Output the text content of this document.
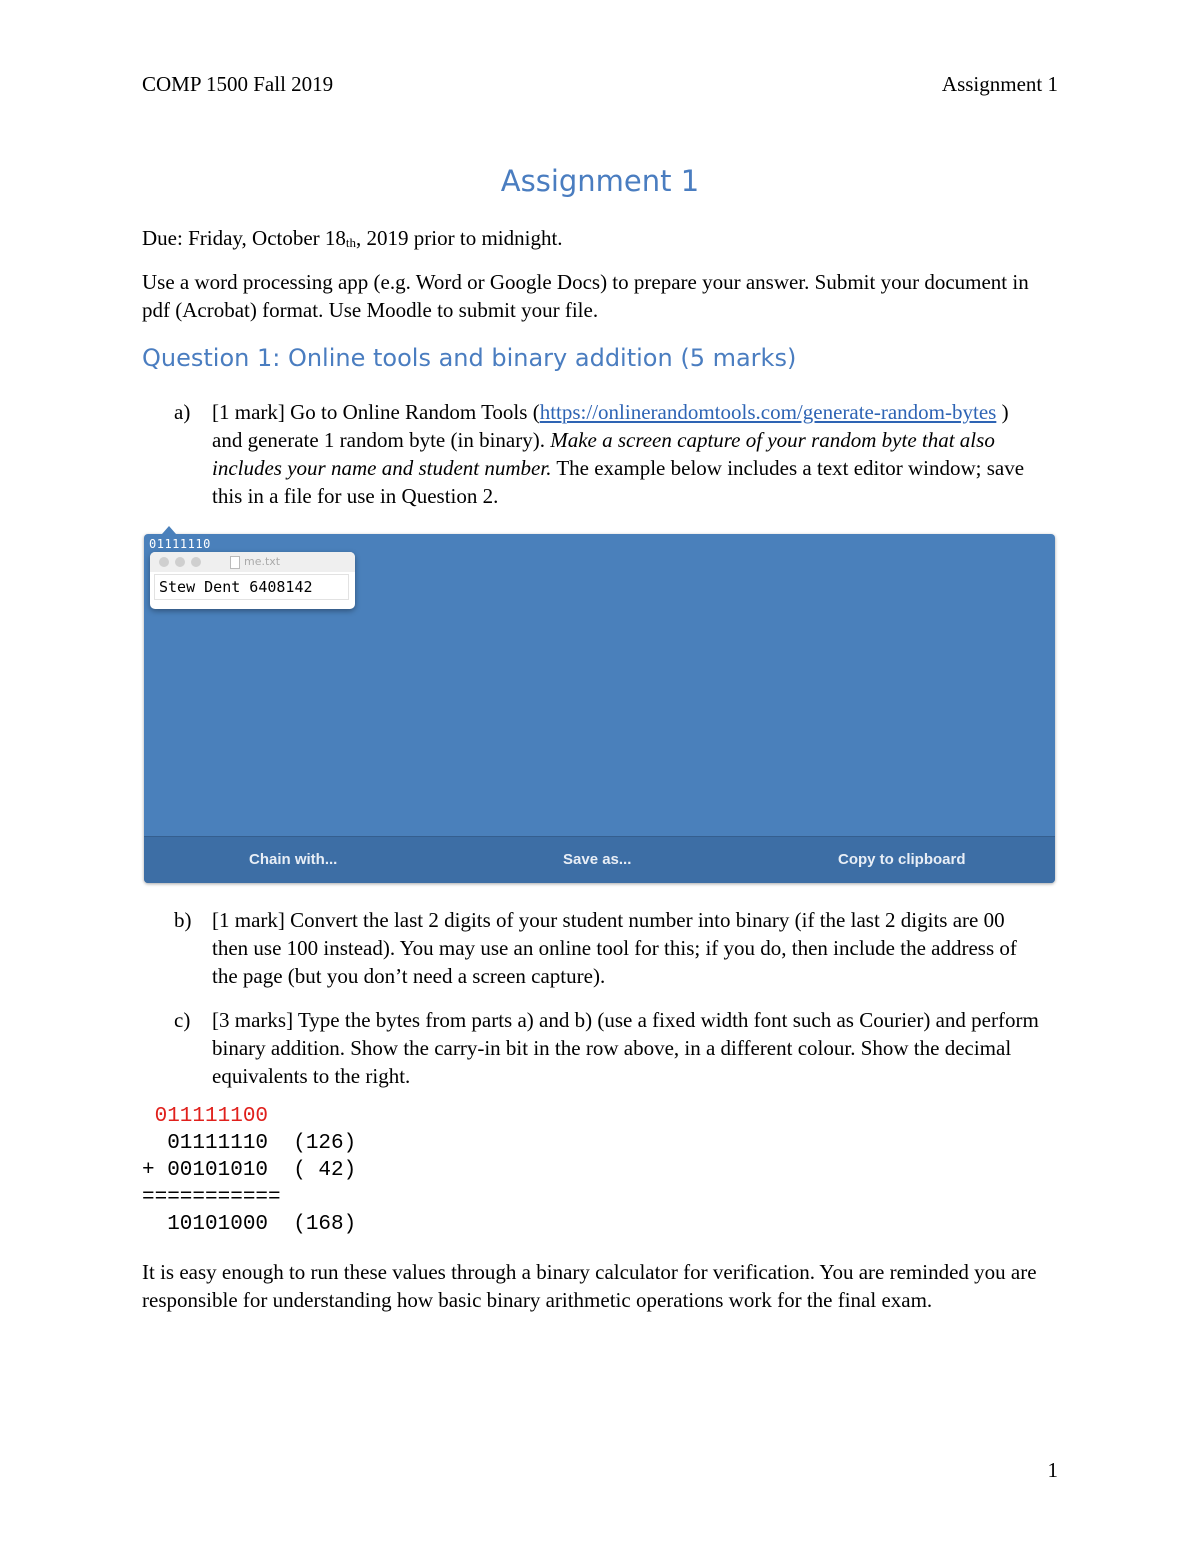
COMP 1500 Fall 2019	Assignment 1
Assignment 1
Due: Friday, October $18_{th}$, 2019 prior to midnight.
Use a word processing app (e.g. Word or Google Docs) to prepare your answer. Submit your document in pdf (Acrobat) format. Use Moodle to submit your file.
Question 1: Online tools and binary addition (5 marks)
a) [1 mark] Go to Online Random Tools (https://onlinerandomtools.com/generate-random-bytes ) and generate 1 random byte (in binary). Make a screen capture of your random byte that also includes your name and student number. The example below includes a text editor window; save this in a file for use in Question 2.
01111110
me.txt
Stew Dent 6408142
Chain with...	Save as...	Copy to clipboard
b) [1 mark] Convert the last 2 digits of your student number into binary (if the last 2 digits are 00 then use 100 instead). You may use an online tool for this; if you do, then include the address of the page (but you don’t need a screen capture).
c) [3 marks] Type the bytes from parts a) and b) (use a fixed width font such as Courier) and perform binary addition. Show the carry-in bit in the row above, in a different colour. Show the decimal equivalents to the right.
011111100
01111110  (126)
+ 00101010  ( 42)
===========
10101000  (168)
It is easy enough to run these values through a binary calculator for verification. You are reminded you are responsible for understanding how basic binary arithmetic operations work for the final exam.
1
